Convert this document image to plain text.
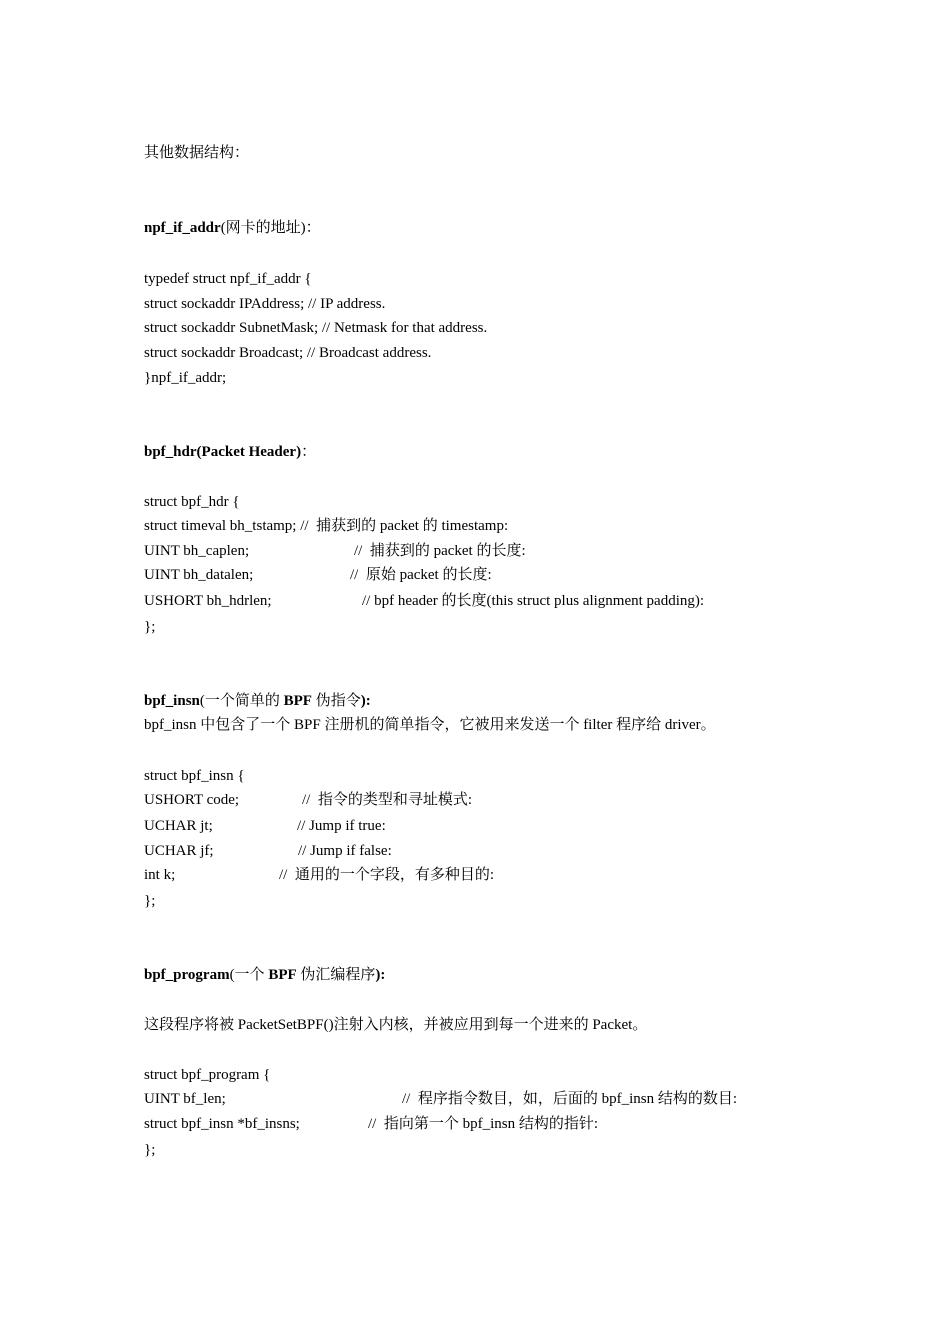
其他数据结构：
npf_if_addr(网卡的地址)：
typedef struct npf_if_addr {
struct sockaddr IPAddress; // IP address.
struct sockaddr SubnetMask; // Netmask for that address.
struct sockaddr Broadcast; // Broadcast address.
}npf_if_addr;
bpf_hdr(Packet Header)：
struct bpf_hdr {
struct timeval bh_tstamp; // 捕获到的 packet 的 timestamp:
UINT bh_caplen;	//  捕获到的 packet 的长度:
UINT bh_datalen;	//  原始 packet 的长度:
USHORT bh_hdrlen;	// bpf header 的长度(this struct plus alignment padding):
};
bpf_insn(一个简单的 BPF 伪指令):
bpf_insn 中包含了一个 BPF 注册机的简单指令，它被用来发送一个 filter 程序给 driver。
struct bpf_insn {
USHORT code;	//  指令的类型和寻址模式:
UCHAR jt;	// Jump if true:
UCHAR jf;	// Jump if false:
int k;	//  通用的一个字段，有多种目的:
};
bpf_program(一个 BPF 伪汇编程序):
这段程序将被 PacketSetBPF()注射入内核，并被应用到每一个进来的 Packet。
struct bpf_program {
UINT bf_len;	//  程序指令数目，如，后面的 bpf_insn 结构的数目:
struct bpf_insn *bf_insns;	//  指向第一个 bpf_insn 结构的指针:
};
